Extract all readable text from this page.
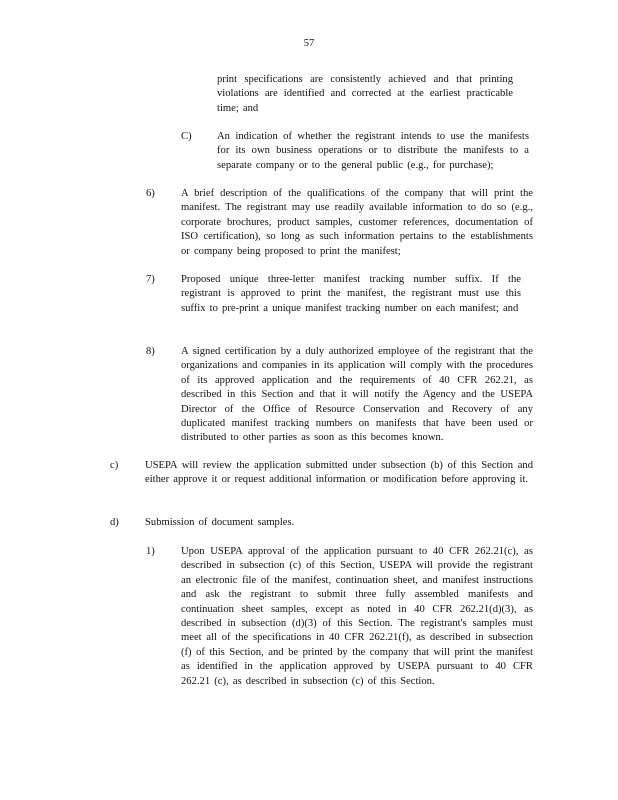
57

print specifications are consistently achieved and that printing violations are identified and corrected at the earliest practicable time; and

C) An indication of whether the registrant intends to use the manifests for its own business operations or to distribute the manifests to a separate company or to the general public (e.g., for purchase);

6) A brief description of the qualifications of the company that will print the manifest. The registrant may use readily available information to do so (e.g., corporate brochures, product samples, customer references, documentation of ISO certification), so long as such information pertains to the establishments or company being proposed to print the manifest;

7) Proposed unique three-letter manifest tracking number suffix. If the registrant is approved to print the manifest, the registrant must use this suffix to pre-print a unique manifest tracking number on each manifest; and

8) A signed certification by a duly authorized employee of the registrant that the organizations and companies in its application will comply with the procedures of its approved application and the requirements of 40 CFR 262.21, as described in this Section and that it will notify the Agency and the USEPA Director of the Office of Resource Conservation and Recovery of any duplicated manifest tracking numbers on manifests that have been used or distributed to other parties as soon as this becomes known.

c)	USEPA will review the application submitted under subsection (b) of this Section and either approve it or request additional information or modification before approving it.

d) Submission of document samples.

1) Upon USEPA approval of the application pursuant to 40 CFR 262.21(c), as described in subsection (c) of this Section, USEPA will provide the registrant an electronic file of the manifest, continuation sheet, and manifest instructions and ask the registrant to submit three fully assembled manifests and continuation sheet samples, except as noted in 40 CFR 262.21(d)(3), as described in subsection (d)(3) of this Section. The registrant's samples must meet all of the specifications in 40 CFR 262.21(f), as described in subsection (f) of this Section, and be printed by the company that will print the manifest as identified in the application approved by USEPA pursuant to 40 CFR 262.21 (c), as described in subsection (c) of this Section.
